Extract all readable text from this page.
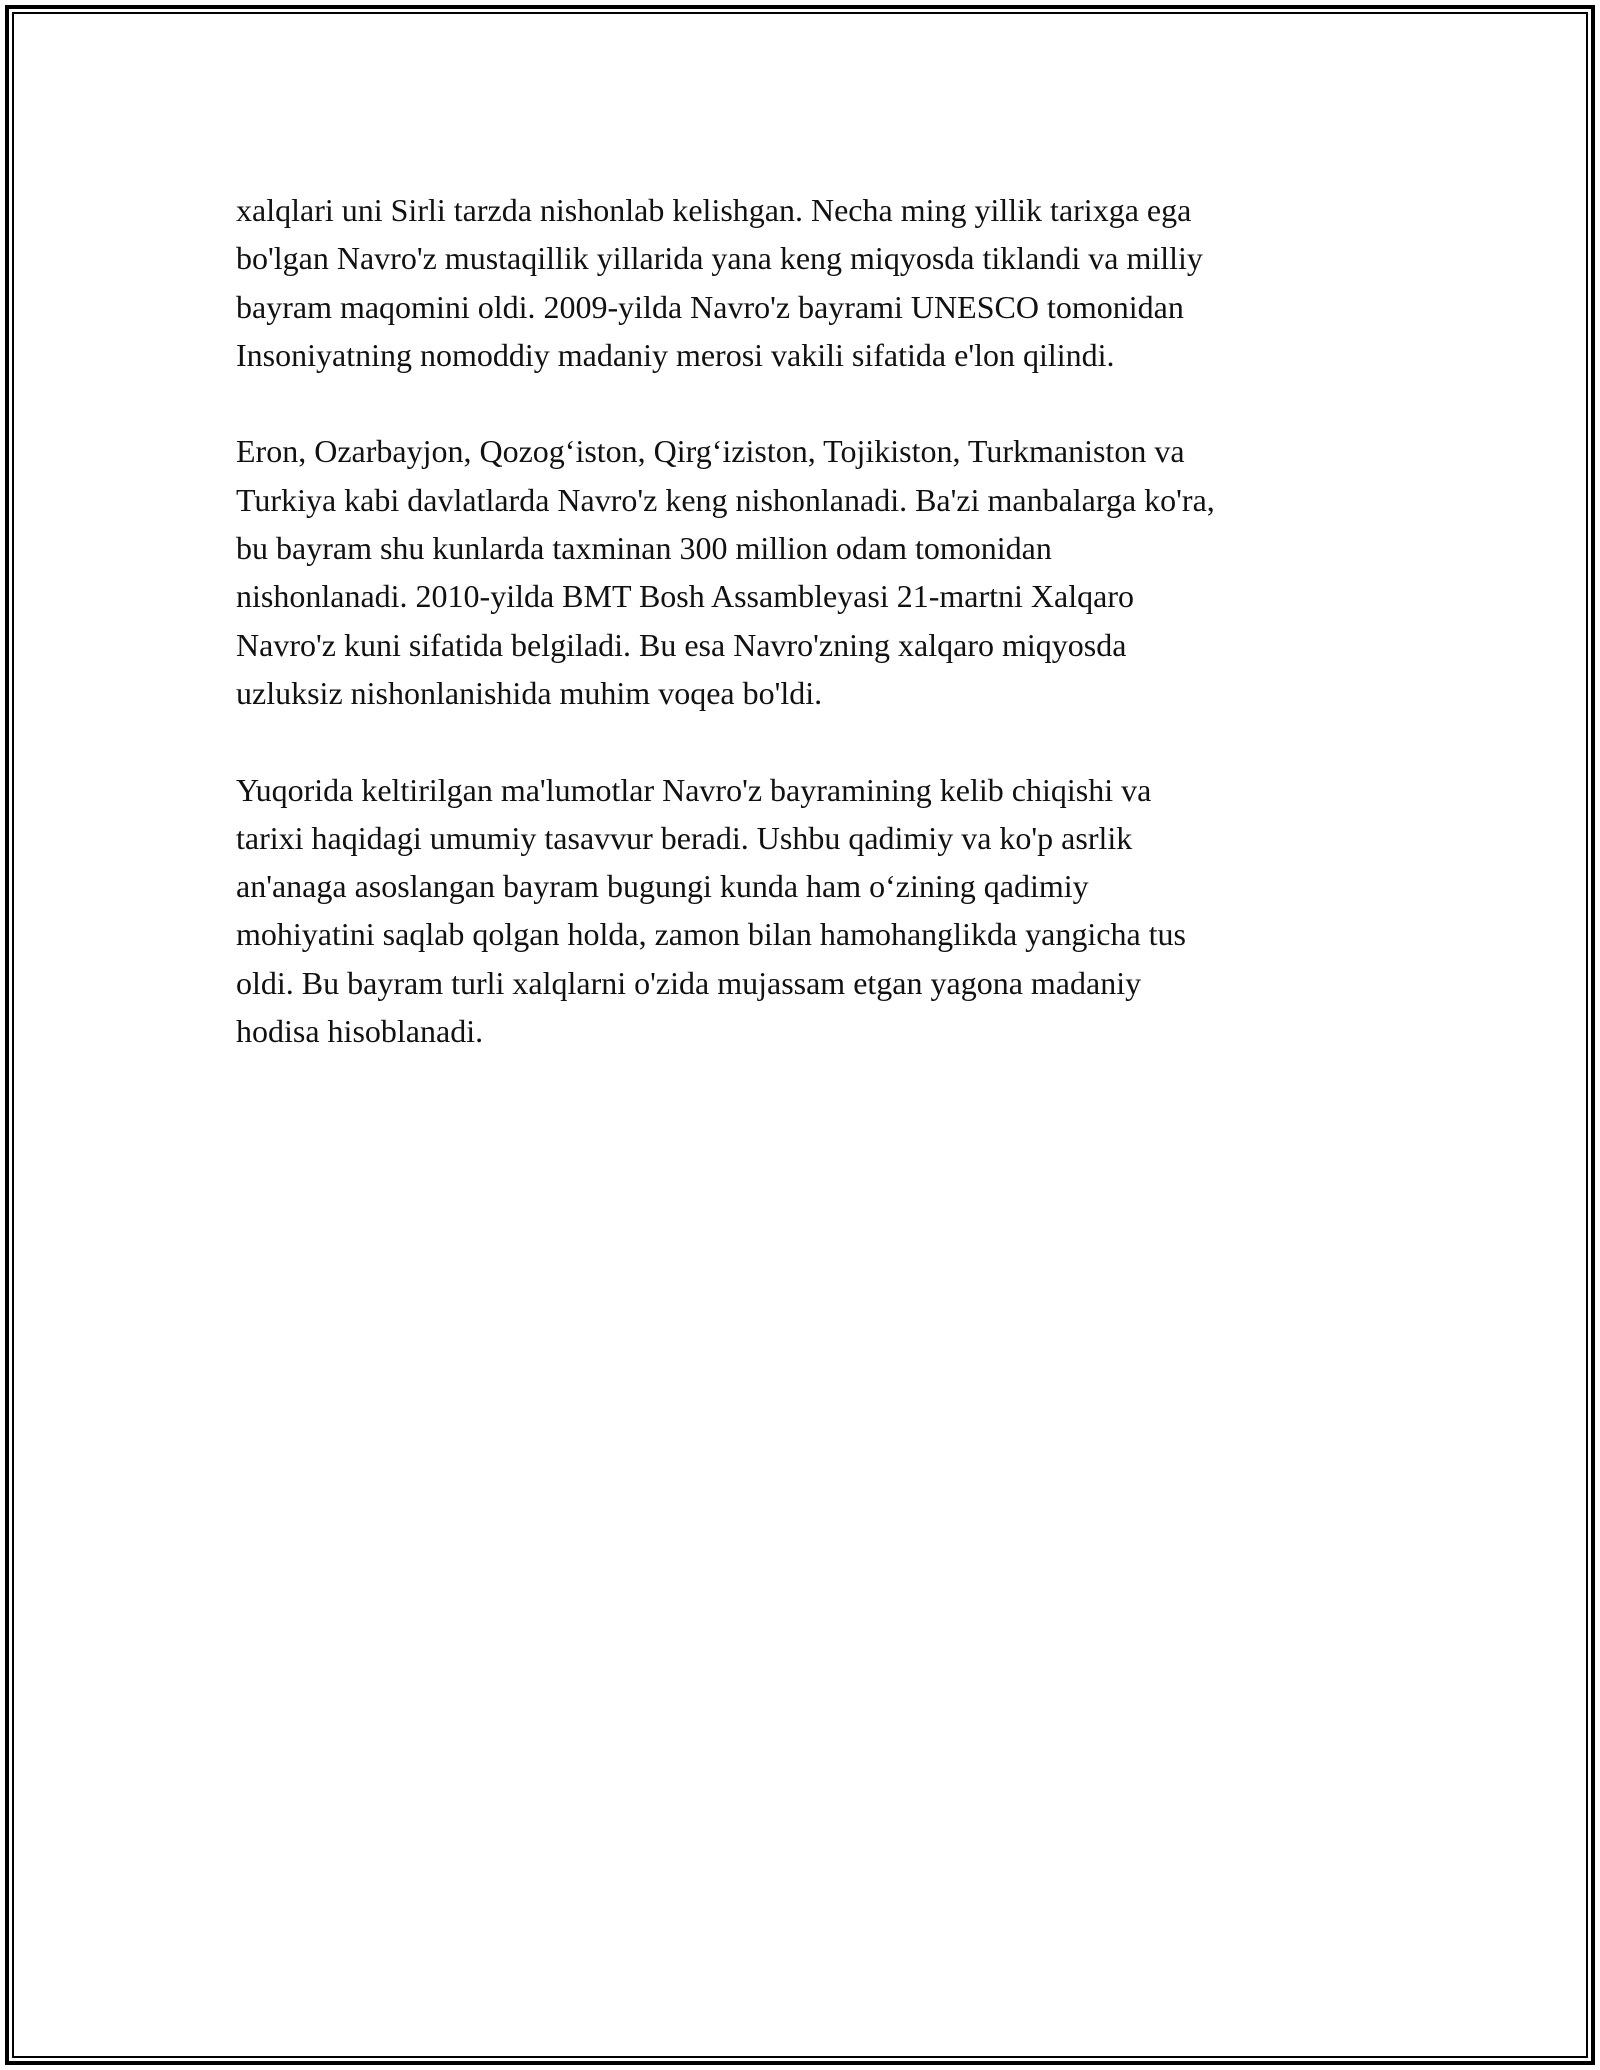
xalqlari uni Sirli tarzda nishonlab kelishgan. Necha ming yillik tarixga ega
bo'lgan Navro'z mustaqillik yillarida yana keng miqyosda tiklandi va milliy
bayram maqomini oldi. 2009-yilda Navro'z bayrami UNESCO tomonidan
Insoniyatning nomoddiy madaniy merosi vakili sifatida e'lon qilindi.

Eron, Ozarbayjon, Qozog‘iston, Qirg‘iziston, Tojikiston, Turkmaniston va
Turkiya kabi davlatlarda Navro'z keng nishonlanadi. Ba'zi manbalarga ko'ra,
bu bayram shu kunlarda taxminan 300 million odam tomonidan
nishonlanadi. 2010-yilda BMT Bosh Assambleyasi 21-martni Xalqaro
Navro'z kuni sifatida belgiladi. Bu esa Navro'zning xalqaro miqyosda
uzluksiz nishonlanishida muhim voqea bo'ldi.

Yuqorida keltirilgan ma'lumotlar Navro'z bayramining kelib chiqishi va
tarixi haqidagi umumiy tasavvur beradi. Ushbu qadimiy va ko'p asrlik
an'anaga asoslangan bayram bugungi kunda ham o‘zining qadimiy
mohiyatini saqlab qolgan holda, zamon bilan hamohanglikda yangicha tus
oldi. Bu bayram turli xalqlarni o'zida mujassam etgan yagona madaniy
hodisa hisoblanadi.
